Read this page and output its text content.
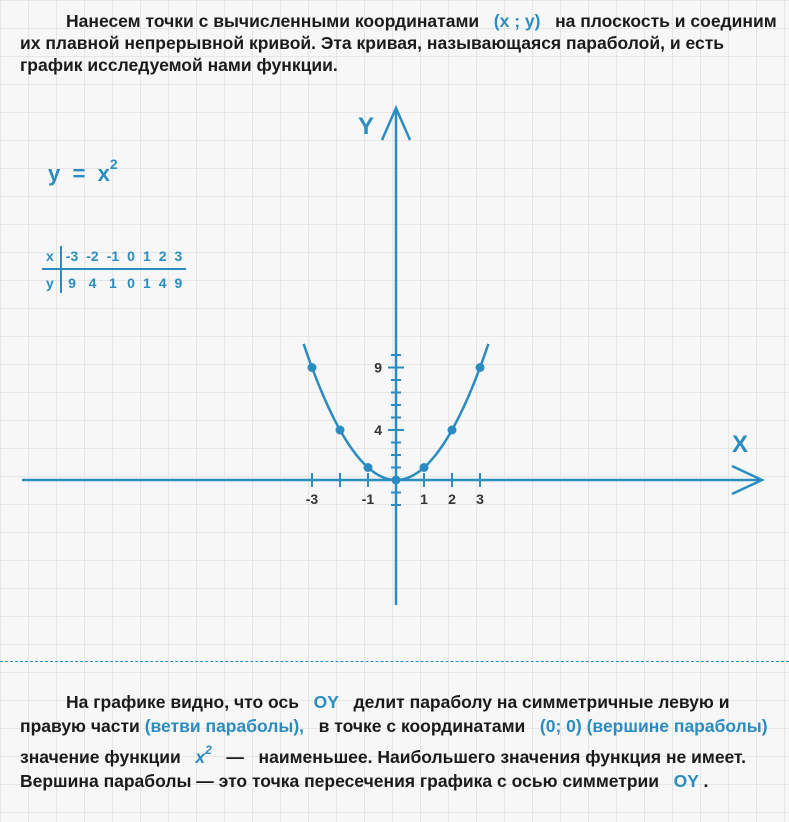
Нанесем точки с вычисленными координатами (x ; y) на плоскость и соединим их плавной непрерывной кривой. Эта кривая, называющаяся параболой, и есть график исследуемой нами функции.

$y = x^2$
x	-3	-2	-1	0	1	2	3
y	9	4	1	0	1	4	9
X
Y
-3	-1	1 2 3
4
9

На графике видно, что ось OY делит параболу на симметричные левую и правую части (ветви параболы), в точке с координатами (0; 0) (вершине параболы)   значение функции $x^2$ — наименьшее. Наибольшего значения функция не имеет. Вершина параболы — это точка пересечения графика с осью симметрии OY .
